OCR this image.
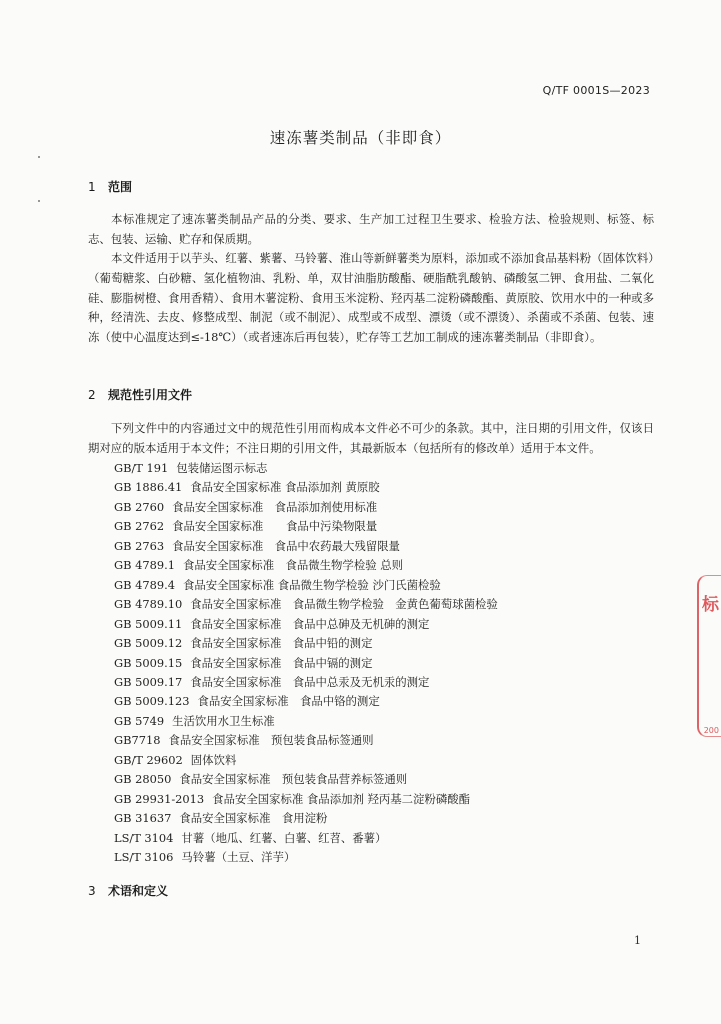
Q/TF 0001S—2023
速冻薯类制品（非即食）
1 范围
本标准规定了速冻薯类制品产品的分类、要求、生产加工过程卫生要求、检验方法、检验规则、标签、标志、包装、运输、贮存和保质期。
本文件适用于以芋头、红薯、紫薯、马铃薯、淮山等新鲜薯类为原料，添加或不添加食品基料粉（固体饮料）（葡萄糖浆、白砂糖、氢化植物油、乳粉、单，双甘油脂肪酸酯、硬脂酰乳酸钠、磷酸氢二钾、食用盐、二氧化硅、膨脂树橙、食用香精）、食用木薯淀粉、食用玉米淀粉、羟丙基二淀粉磷酸酯、黄原胶、饮用水中的一种或多种，经清洗、去皮、修整成型、制泥（或不制泥）、成型或不成型、漂烫（或不漂烫）、杀菌或不杀菌、包装、速冻（使中心温度达到≤-18℃）（或者速冻后再包装），贮存等工艺加工制成的速冻薯类制品（非即食）。
2 规范性引用文件
下列文件中的内容通过文中的规范性引用而构成本文件必不可少的条款。其中，注日期的引用文件，仅该日期对应的版本适用于本文件；不注日期的引用文件，其最新版本（包括所有的修改单）适用于本文件。
GB/T 191 包装储运图示标志
GB 1886.41 食品安全国家标准 食品添加剂 黄原胶
GB 2760 食品安全国家标准　食品添加剂使用标准
GB 2762 食品安全国家标准　　食品中污染物限量
GB 2763 食品安全国家标准　食品中农药最大残留限量
GB 4789.1 食品安全国家标准　食品微生物学检验 总则
GB 4789.4 食品安全国家标准 食品微生物学检验 沙门氏菌检验
GB 4789.10 食品安全国家标准　食品微生物学检验　金黄色葡萄球菌检验
GB 5009.11 食品安全国家标准　食品中总砷及无机砷的测定
GB 5009.12 食品安全国家标准　食品中铅的测定
GB 5009.15 食品安全国家标准　食品中镉的测定
GB 5009.17 食品安全国家标准　食品中总汞及无机汞的测定
GB 5009.123 食品安全国家标准　食品中铬的测定
GB 5749 生活饮用水卫生标准
GB7718 食品安全国家标准　预包装食品标签通则
GB/T 29602 固体饮料
GB 28050 食品安全国家标准　预包装食品营养标签通则
GB 29931-2013 食品安全国家标准 食品添加剂 羟丙基二淀粉磷酸酯
GB 31637 食品安全国家标准　食用淀粉
LS/T 3104 甘薯（地瓜、红薯、白薯、红苕、番薯）
LS/T 3106 马铃薯（土豆、洋芋）
3 术语和定义
1
标
200
